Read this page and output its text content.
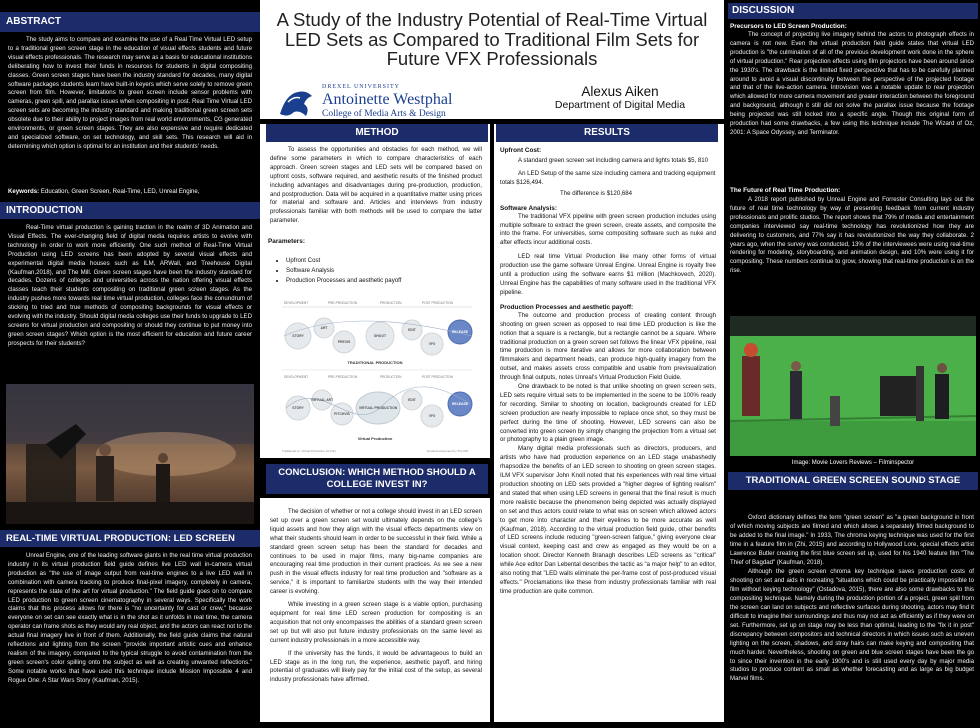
ABSTRACT
The study aims to compare and examine the use of a Real Time Virtual LED setup to a traditional green screen stage in the education of visual effects students and future visual effects professionals. The research may serve as a basis for educational institutions deliberating how to invest their funds in resources for students in digital compositing classes. Green screen stages have been the industry standard for decades, many digital software packages students learn have built-in keyers which serve solely to remove green screen from film. However, limitations to green screen include sensor problems with cameras, green spill, and parallax issues when compositing in post. Real Time Virtual LED screen sets are becoming the industry standard and making traditional green screen sets obsolete due to their ability to project images from real world environments, CG generated environments, or green screen stages. They are also expensive and require dedicated and specialized software, on set technology, and skill sets. This research will aid in determining which option is optimal for an institution and their students' needs.
Keywords: Education, Green Screen, Real-Time, LED, Unreal Engine,
INTRODUCTION
Real-Time virtual production is gaining traction in the realm of 3D Animation and Visual Effects. The ever-changing field of digital media requires artists to evolve with technology in order to work more efficiently. One such method of Real-Time Virtual Production using LED screens has been adopted by several visual effects and experimental digital media houses such as ILM, ARWall, and Treehouse Digital (Kaufman,2018), and The Mill. Green screen stages have been the industry standard for decades. Dozens of colleges and universities across the nation offering visual effects classes teach their students compositing on traditional green screen stages. As the industry pushes more towards real time virtual production, colleges face the conundrum of sticking to tried and true methods of compositing backgrounds for visual effects or evolving with the industry. Should digital media colleges use their funds to upgrade to LED screens for virtual production and compositing or should they continue to put money into green screen stages? Which option is the most efficient for education and future career prospects for their students?
REAL-TIME VIRTUAL PRODUCTION: LED SCREEN
Unreal Engine, one of the leading software giants in the real time virtual production industry in its virtual production field guide defines live LED wall in-camera virtual production as "the use of image output from real-time engines to a live LED wall in combination with camera tracking to produce final-pixel imagery, completely in camera, represents the state of the art for virtual production." The field guide goes on to compare LED production to green screen cinematography in several ways. Specifically the work claims that this process allows for there is "no uncertainty for cast or crew," because everyone on set can see exactly what is in the shot as it unfolds in real time, the camera operator can frame shots as they would any real object, and the actors can react not to the actual final imagery live in front of them. Additionally, the field guide claims that natural reflections and lighting from the screen "provide important artistic cues and enhance realism of the imagery, compared to the typical struggle to avoid contamination from the green screen's color spilling onto the subject as well as creating unwanted reflections." Some notable works that have used this technique include Mission Impossible 4 and Rogue One: A Star Wars Story (Kaufman, 2015).
A Study of the Industry Potential of Real-Time Virtual LED Sets as Compared to Traditional Film Sets for Future VFX Professionals
DREXEL UNIVERSITY
Antoinette Westphal
College of Media Arts & Design
Alexus Aiken
Department of Digital Media
METHOD
To assess the opportunities and obstacles for each method, we will define some parameters in which to compare characteristics of each approach. Green screen stages and LED sets will be compared based on upfront costs, software required, and aesthetic results of the finished product including advantages and disadvantages during pre-production, production, and postproduction. Data will be acquired in a quantitative matter using prices for material and software and. Articles and interviews from industry professionals familiar with both methods will be used to compare the latter parameter.
Parameters:
• Upfront Cost
• Software Analysis
• Production Processes and aesthetic payoff
DEVELOPMENT	PRE-PRODUCTION	PRODUCTION	POST PRODUCTION
STORY
ART
PREVIS
SHOOT
EDIT
VFX
RELEASE
TRADITIONAL PRODUCTION
DEVELOPMENT	PRE-PRODUCTION	PRODUCTION	POST PRODUCTION
STORY
VIRTUAL ART
PITCHVIS
VIRTUAL PRODUCTION
EDIT
VFX
RELEASE
Virtual Production
Traditional vs. Virtual Production for Film	Visual development by The Mill
CONCLUSION: WHICH METHOD SHOULD A COLLEGE INVEST IN?

The decision of whether or not a college should invest in an LED screen set up over a green screen set would ultimately depends on the college's liquid assets and how they align with the visual effects departments view on what their students should learn in order to be successful in their field. While a standard green screen setup has been the standard for decades and continues to be used in major films, many big-name companies are encouraging real time production in their current practices. As we see a new push in the visual effects industry for real time production and "software as a service," it is important to familiarize students with the way their intended career is evolving.

While investing in a green screen stage is a viable option, purchasing equipment for real time LED screen production for compositing is an acquisition that not only encompasses the abilities of a standard green screen set up but will also put future industry professionals on the same level as current industry professionals in a more accessible way.

If the university has the funds, it would be advantageous to build an LED stage as in the long run, the experience, aesthetic payoff, and hiring potential of graduates will likely pay for the initial cost of the setup, as several industry professionals have affirmed.

RESULTS
Upfront Cost:

A standard green screen set including camera and lights totals $5, 810

An LED Setup of the same size including camera and tracking equipment totals $126,494.

The difference is $120,684

Software Analysis:

The traditional VFX pipeline with green screen production includes using multiple software to extract the green screen, create assets, and composite the into the frame. For universities, some compositing software such as nuke and after effects incur additional costs.

LED real time Virtual Production like many other forms of virtual production use the game software Unreal Engine. Unreal Engine is royalty free until a production using the software earns $1 million (Machkovech, 2020). Unreal Engine has the capabilities of many software used in the traditional VFX pipeline.

Production Processes and aesthetic payoff:

The outcome and production process of creating content through shooting on green screen as opposed to real time LED production is like the notion that a square is a rectangle, but a rectangle cannot be a square. Where traditional production on a green screen set follows the linear VFX pipeline, real time production is more iterative and allows for more collaboration between filmmakers and department heads, can produce high-quality imagery from the outset, and makes assets cross compatible and usable from previsualization through final outputs, notes Unreal's Virtual Production Field Guide.

One drawback to be noted is that unlike shooting on green screen sets, LED sets require virtual sets to be implemented in the scene to be 100% ready for recording. Similar to shooting on location, backgrounds created for LED screen production are nearly impossible to replace once shot, so they must be perfect during the time of shooting. However, LED screens can also be converted into green screen by simply changing the projection from a virtual set or photography to a plain green image.

Many digital media professionals such as directors, producers, and artists who have had production experience on an LED stage unabashedly rhapsodize the benefits of an LED screen to shooting on green screen stages. ILM VFX supervisor John Knoll noted that his experiences with real time virtual production shooting on LED sets provided a "higher degree of lighting realism" and stated that when using LED screens in general that the final result is much more realistic because the phenomenon being depicted was actually displayed on set and thus actors could relate to what was on screen which allowed actors to get more into character and their eyelines to be more accurate as well (Kaufman, 2018). According to the virtual production field guide, other benefits of LED screens include reducing "green-screen fatigue," giving everyone clear visual context, keeping cast and crew as engaged as they would be on a location shoot. Director Kenneth Branagh describes LED screens as "critical" while Ace editor Dan Lebental describes the tactic as "a major help" to an editor, also noting that "LED walls eliminate the per-frame cost of post-produced visual effects." Proclamations like these from industry professionals familiar with real time production are quite common.

DISCUSSION
Precursors to LED Screen Production:
The concept of projecting live imagery behind the actors to photograph effects in camera is not new. Even the virtual production field guide states that virtual LED production is "the culmination of all of the previous development work done in the sphere of virtual production." Rear projection effects using film projectors have been around since the 1930's. The drawback is the limited fixed perspective that has to be carefully planned around to avoid a visual discontinuity between the perspective of the projected footage and that of the live-action camera. Introvision was a notable update to rear projection which allowed for more camera movement and greater interaction between the foreground and background, although it still did not solve the parallax issue because the footage being projected was still locked into a specific angle. Though this original form of production had some drawbacks, a few using this technique include The Wizard of Oz, 2001: A Space Odyssey, and Terminator.
The Future of Real Time Production:
A 2018 report published by Unreal Engine and Forrester Consulting lays out the future of real time technology by way of presenting feedback from current industry professionals and prolific studios. The report shows that 79% of media and entertainment companies interviewed say real-time technology has revolutionized how they are delivering to customers, and 77% say it has revolutionized the way they collaborate. 2 years ago, when the survey was conducted, 13% of the interviewees were using real-time rendering for modeling, storyboarding, and animation design, and 10% were using it for compositing. These numbers continue to grow, showing that real-time production is on the rise.
Image: Movie Lovers Reviews – Filminspector
TRADITIONAL GREEN SCREEN SOUND STAGE

Oxford dictionary defines the term "green screen" as "a green background in front of which moving subjects are filmed and which allows a separately filmed background to be added to the final image." In 1933, The chroma keying technique was used for the first time in a feature film in (Zhi, 2015) and according to Hollywood Lore, special effects artist Lawrence Butler creating the first blue screen set up, used for his 1940 feature film "The Thief of Bagdad" (Kaufman, 2018).

Although the green screen chroma key technique saves production costs of shooting on set and aids in recreating "situations which could be practically impossible to film without keying technology" (Ostadova, 2015), there are also some drawbacks to this compositing technique. Namely during the production portion of a project, green spill from the screen can land on subjects and reflective surfaces during shooting, actors may find it difficult to imagine their surroundings and thus may not act as efficiently as if they were on set. Furthermore, set up on stage may be less than optimal, leading to the "fix it in post" discrepancy between compositors and technical directors in which issues such as uneven lighting on the screen, shadows, and stray hairs can make keying and compositing that much harder. Nevertheless, shooting on green and blue screen stages have been the go to since their invention in the early 1900's and is still used every day by major media studios to produce content as small as whether forecasting and as large as big budget Marvel films.
